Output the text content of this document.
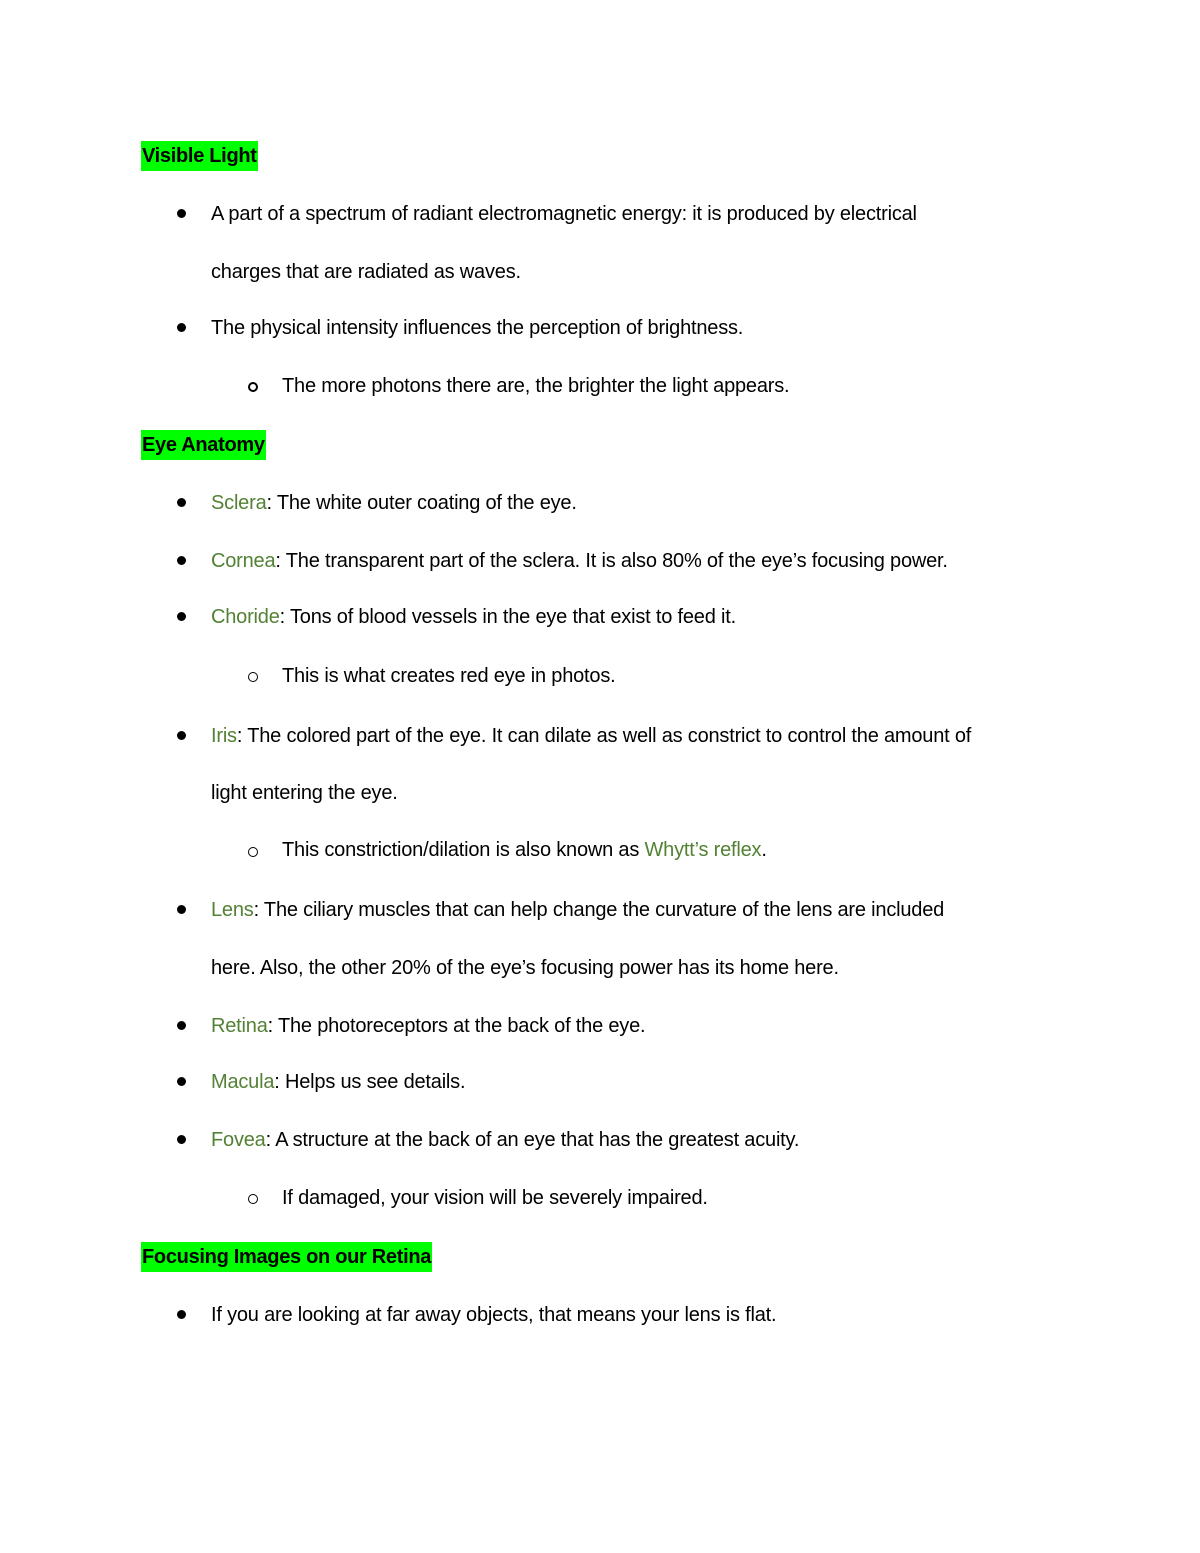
Visible Light
A part of a spectrum of radiant electromagnetic energy: it is produced by electrical
charges that are radiated as waves.
The physical intensity influences the perception of brightness.
The more photons there are, the brighter the light appears.
Eye Anatomy
Sclera: The white outer coating of the eye.
Cornea: The transparent part of the sclera. It is also 80% of the eye’s focusing power.
Choride: Tons of blood vessels in the eye that exist to feed it.
This is what creates red eye in photos.
Iris: The colored part of the eye. It can dilate as well as constrict to control the amount of
light entering the eye.
This constriction/dilation is also known as Whytt’s reflex.
Lens: The ciliary muscles that can help change the curvature of the lens are included
here. Also, the other 20% of the eye’s focusing power has its home here.
Retina: The photoreceptors at the back of the eye.
Macula: Helps us see details.
Fovea: A structure at the back of an eye that has the greatest acuity.
If damaged, your vision will be severely impaired.
Focusing Images on our Retina
If you are looking at far away objects, that means your lens is flat.
